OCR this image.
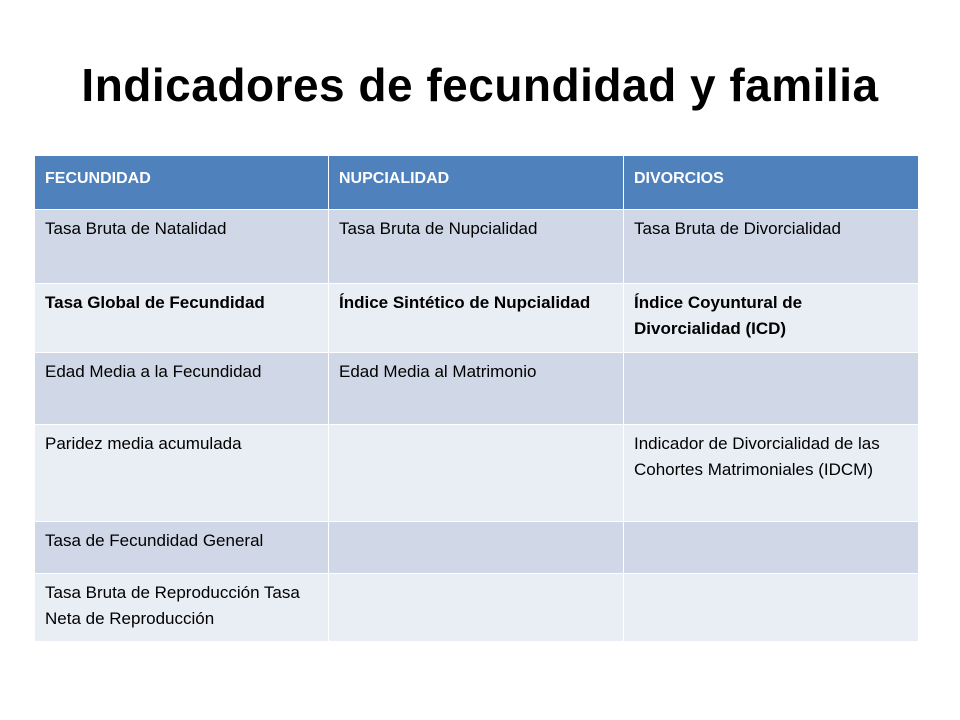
Indicadores de fecundidad y familia
FECUNDIDAD	NUPCIALIDAD	DIVORCIOS
Tasa Bruta de Natalidad	Tasa Bruta de Nupcialidad	Tasa Bruta de Divorcialidad
Tasa Global de Fecundidad	Índice Sintético de Nupcialidad	Índice Coyuntural de Divorcialidad (ICD)
Edad Media a la Fecundidad	Edad Media al Matrimonio	
Paridez media acumulada		Indicador de Divorcialidad de las Cohortes Matrimoniales (IDCM)
Tasa de Fecundidad General		
Tasa Bruta de Reproducción Tasa Neta de Reproducción		
